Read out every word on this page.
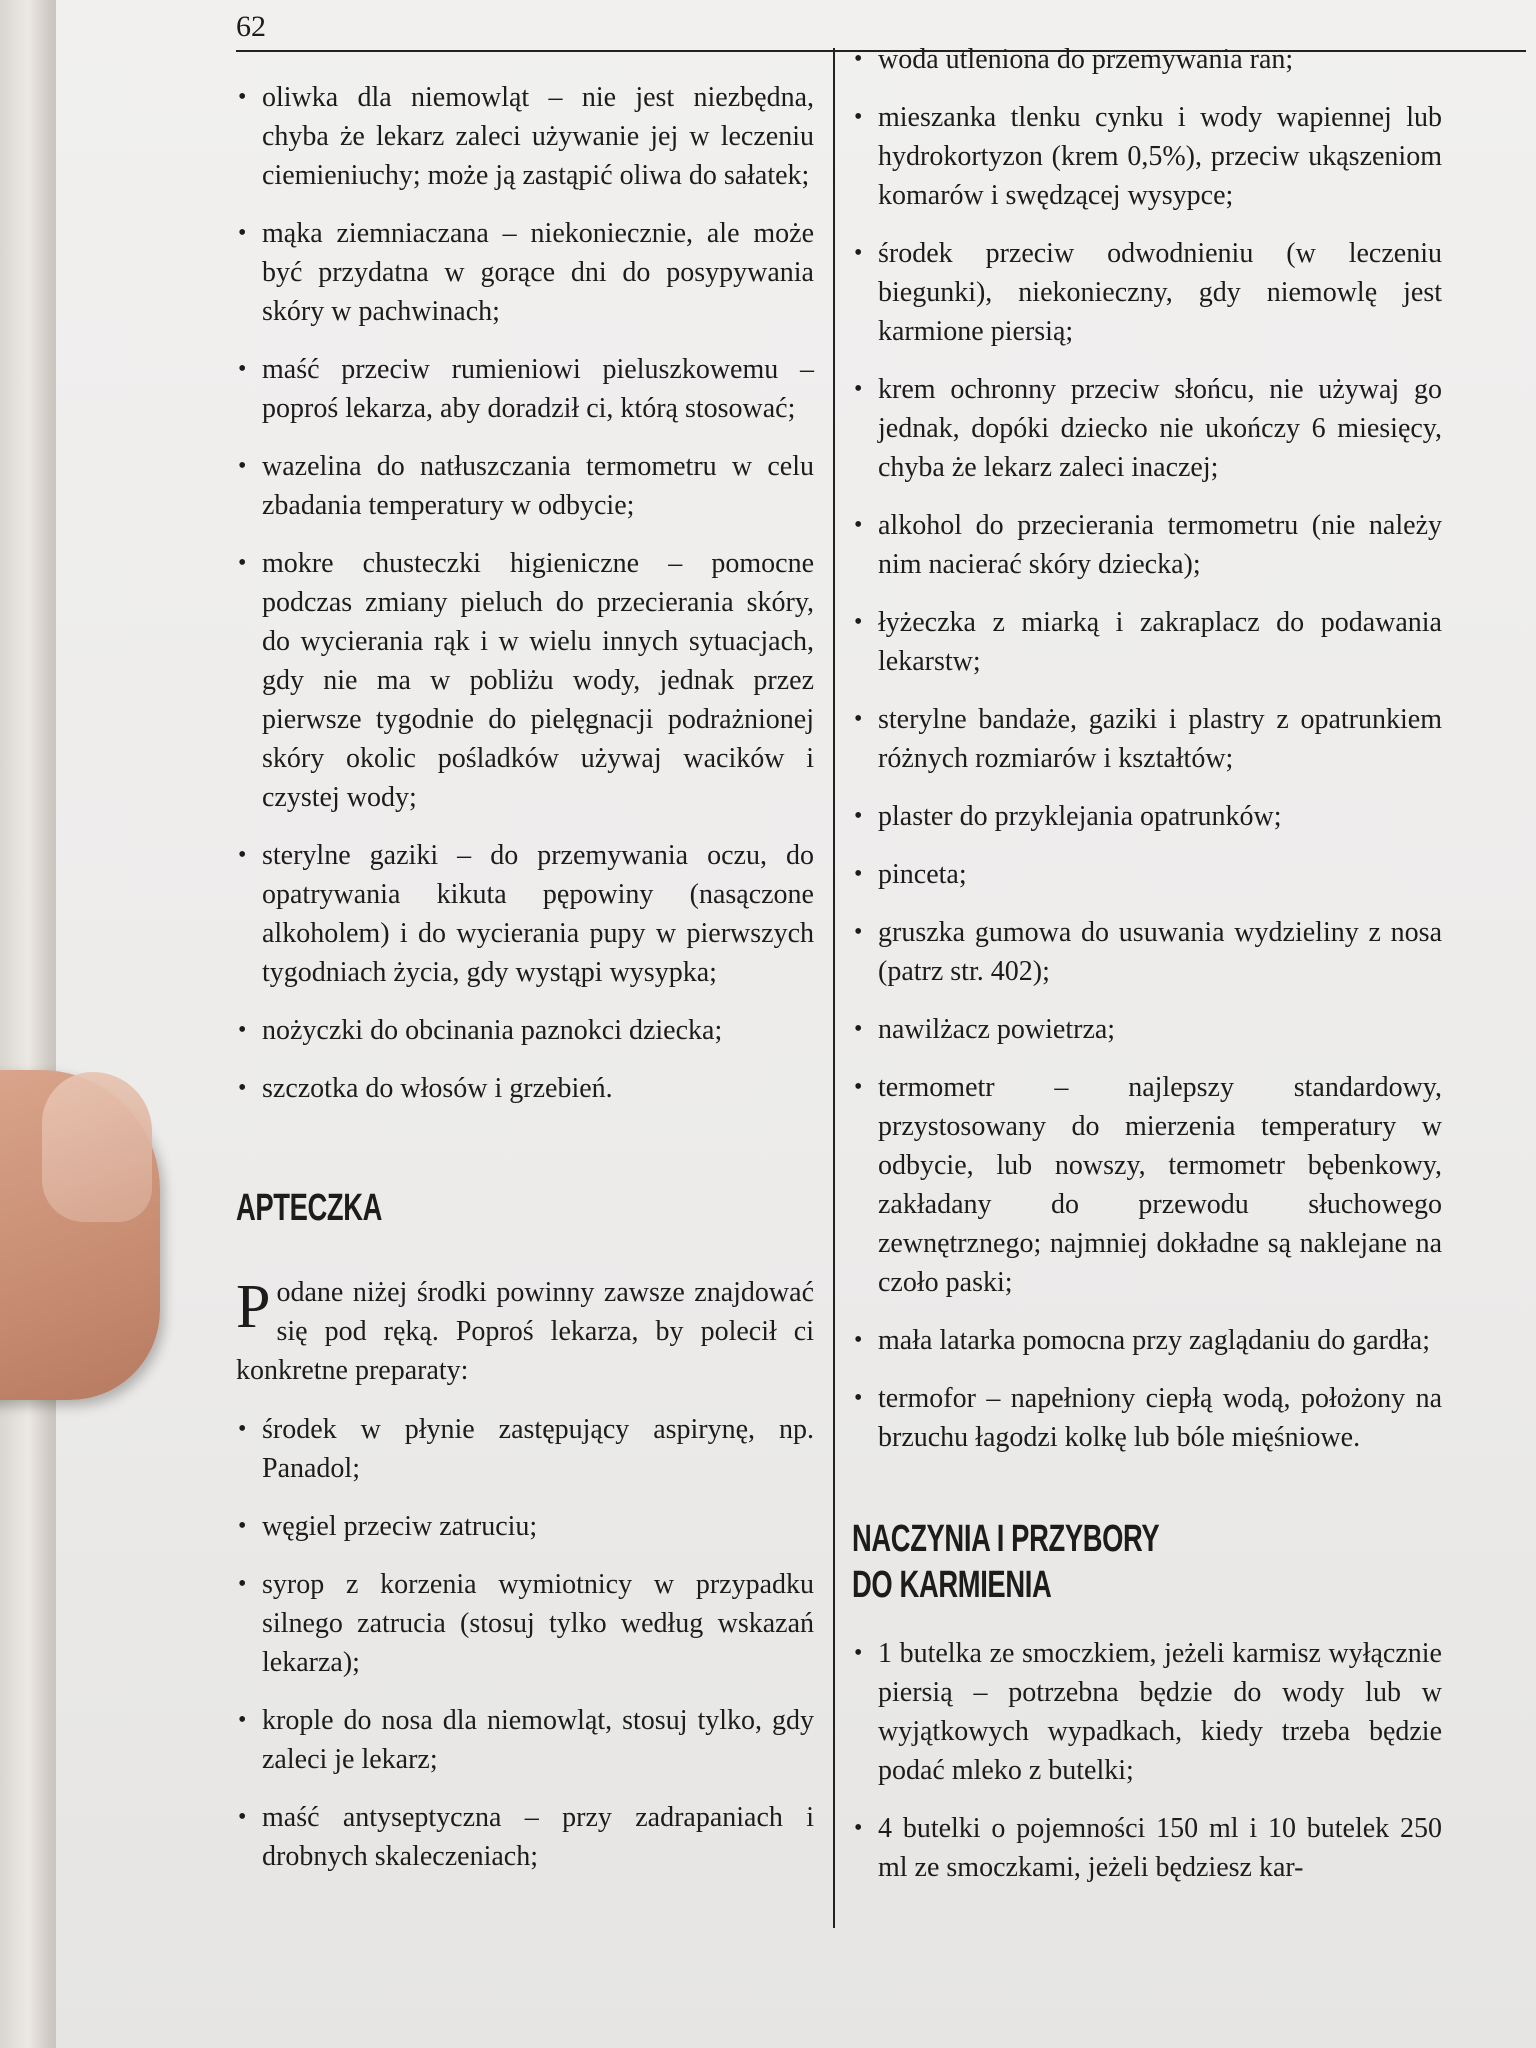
62
• oliwka dla niemowląt – nie jest niezbędna, chyba że lekarz zaleci używanie jej w leczeniu ciemieniuchy; może ją zastąpić oliwa do sałatek;
• mąka ziemniaczana – niekoniecznie, ale może być przydatna w gorące dni do posypywania skóry w pachwinach;
• maść przeciw rumieniowi pieluszkowemu – poproś lekarza, aby doradził ci, którą stosować;
• wazelina do natłuszczania termometru w celu zbadania temperatury w odbycie;
• mokre chusteczki higieniczne – pomocne podczas zmiany pieluch do przecierania skóry, do wycierania rąk i w wielu innych sytuacjach, gdy nie ma w pobliżu wody, jednak przez pierwsze tygodnie do pielęgnacji podrażnionej skóry okolic pośladków używaj wacików i czystej wody;
• sterylne gaziki – do przemywania oczu, do opatrywania kikuta pępowiny (nasączone alkoholem) i do wycierania pupy w pierwszych tygodniach życia, gdy wystąpi wysypka;
• nożyczki do obcinania paznokci dziecka;
• szczotka do włosów i grzebień.
APTECZKA

Podane niżej środki powinny zawsze znajdować się pod ręką. Poproś lekarza, by polecił ci konkretne preparaty:

• środek w płynie zastępujący aspirynę, np. Panadol;
• węgiel przeciw zatruciu;
• syrop z korzenia wymiotnicy w przypadku silnego zatrucia (stosuj tylko według wskazań lekarza);
• krople do nosa dla niemowląt, stosuj tylko, gdy zaleci je lekarz;
• maść antyseptyczna – przy zadrapaniach i drobnych skaleczeniach;
• woda utleniona do przemywania ran;
• mieszanka tlenku cynku i wody wapiennej lub hydrokortyzon (krem 0,5%), przeciw ukąszeniom komarów i swędzącej wysypce;
• środek przeciw odwodnieniu (w leczeniu biegunki), niekonieczny, gdy niemowlę jest karmione piersią;
• krem ochronny przeciw słońcu, nie używaj go jednak, dopóki dziecko nie ukończy 6 miesięcy, chyba że lekarz zaleci inaczej;
• alkohol do przecierania termometru (nie należy nim nacierać skóry dziecka);
• łyżeczka z miarką i zakraplacz do podawania lekarstw;
• sterylne bandaże, gaziki i plastry z opatrunkiem różnych rozmiarów i kształtów;
• plaster do przyklejania opatrunków;
• pinceta;
• gruszka gumowa do usuwania wydzieliny z nosa (patrz str. 402);
• nawilżacz powietrza;
• termometr – najlepszy standardowy, przystosowany do mierzenia temperatury w odbycie, lub nowszy, termometr bębenkowy, zakładany do przewodu słuchowego zewnętrznego; najmniej dokładne są naklejane na czoło paski;
• mała latarka pomocna przy zaglądaniu do gardła;
• termofor – napełniony ciepłą wodą, położony na brzuchu łagodzi kolkę lub bóle mięśniowe.
NACZYNIA I PRZYBORY
DO KARMIENIA
• 1 butelka ze smoczkiem, jeżeli karmisz wyłącznie piersią – potrzebna będzie do wody lub w wyjątkowych wypadkach, kiedy trzeba będzie podać mleko z butelki;
• 4 butelki o pojemności 150 ml i 10 butelek 250 ml ze smoczkami, jeżeli będziesz kar-
